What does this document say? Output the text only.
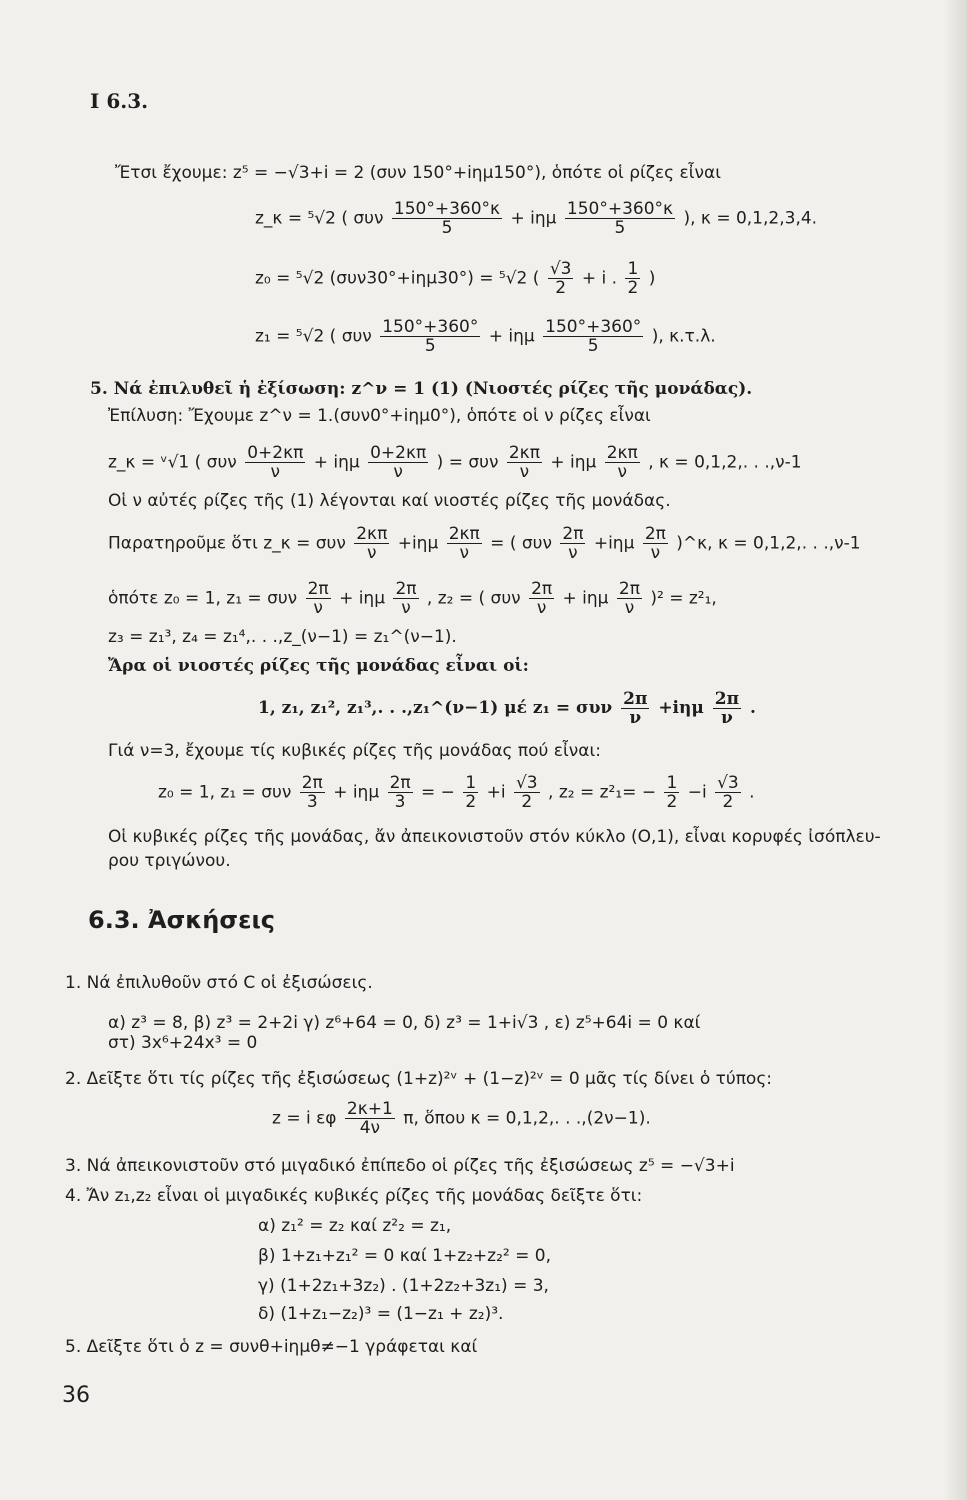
Ι 6.3.
Ἔτσι ἔχουμε: z⁵ = −√3+i = 2 (συν 150°+iημ150°), ὁπότε οἱ ρίζες εἶναι
z_κ = ⁵√2 ( συν $\frac{150^\circ+360^\circ\kappa}{5} + i\eta\mu \frac{150^\circ+360^\circ\kappa}{5}$ ), κ = 0,1,2,3,4.
z₀ = ⁵√2 (συν30°+iημ30°) = ⁵√2 ( $\frac{√3}{2} + i$ . $\frac{1}{2}$ )
z₁ = ⁵√2 ( συν $\frac{150^\circ+360^\circ}{5} + i\eta\mu \frac{150^\circ+360^\circ}{5}$ ), κ.τ.λ.
5. Νά ἐπιλυθεῖ ἡ ἐξίσωση: z^ν = 1 (1) (Νιοστές ρίζες τῆς μονάδας).
Ἐπίλυση: Ἔχουμε z^ν = 1.(συν0°+iημ0°), ὁπότε οἱ ν ρίζες εἶναι
z_κ = ᵛ√1 ( συν $\frac{0+2\kappa\pi}{\nu} + i\eta\mu \frac{0+2\kappa\pi}{\nu}$ ) = συν $\frac{2\kappa\pi}{\nu} + i\eta\mu \frac{2\kappa\pi}{\nu}$ , κ = 0,1,2,. . .,ν-1
Οἱ ν αὐτές ρίζες τῆς (1) λέγονται καί νιοστές ρίζες τῆς μονάδας.
Παρατηροῦμε ὅτι z_κ = συν $\frac{2\kappa\pi}{\nu} +i\eta\mu \frac{2\kappa\pi}{\nu}$ = ( συν $\frac{2\pi}{\nu} +i\eta\mu \frac{2\pi}{\nu}$ )^κ, κ = 0,1,2,. . .,ν-1
ὁπότε z₀ = 1, z₁ = συν $\frac{2\pi}{\nu} + i\eta\mu \frac{2\pi}{\nu}$ , z₂ = ( συν $\frac{2\pi}{\nu} + i\eta\mu \frac{2\pi}{\nu} )^2 = z^2_1$,
z₃ = z₁³, z₄ = z₁⁴,. . .,z_(ν−1) = z₁^(ν−1).
Ἄρα οἱ νιοστές ρίζες τῆς μονάδας εἶναι οἱ:
1, z₁, z₁², z₁³,. . .,z₁^(ν−1) μέ z₁ = συν $\frac{2\pi}{\nu} +i\eta\mu \frac{2\pi}{\nu}$ .
Γιά ν=3, ἔχουμε τίς κυβικές ρίζες τῆς μονάδας πού εἶναι:
z₀ = 1, z₁ = συν $\frac{2\pi}{3} + i\eta\mu \frac{2\pi}{3}$ = − $\frac{1}{2} +i \frac{√3}{2}$ , $z_2 = z^2_1= - \frac{1}{2} -i \frac{√3}{2}$ .
Οἱ κυβικές ρίζες τῆς μονάδας, ἄν ἀπεικονιστοῦν στόν κύκλο (Ο,1), εἶναι κορυφές ἰσόπλευ-
ρου τριγώνου.
6.3. Ἀσκήσεις
1. Νά ἐπιλυθοῦν στό C οἱ ἐξισώσεις.
α) z³ = 8, β) z³ = 2+2i γ) z⁶+64 = 0, δ) z³ = 1+i√3 , ε) z⁵+64i = 0 καί
στ) 3x⁶+24x³ = 0
2. Δεῖξτε ὅτι τίς ρίζες τῆς ἐξισώσεως (1+z)²ᵛ + (1−z)²ᵛ = 0 μᾶς τίς δίνει ὁ τύπος:
z = i εφ $\frac{2\kappa+1}{4\nu} \pi$, ὅπου κ = 0,1,2,. . .,(2ν−1).
3. Νά ἀπεικονιστοῦν στό μιγαδικό ἐπίπεδο οἱ ρίζες τῆς ἐξισώσεως z⁵ = −√3+i
4. Ἄν z₁,z₂ εἶναι οἱ μιγαδικές κυβικές ρίζες τῆς μονάδας δεῖξτε ὅτι:
α) z₁² = z₂ καί z²₂ = z₁,
β) 1+z₁+z₁² = 0 καί 1+z₂+z₂² = 0,
γ) (1+2z₁+3z₂) . (1+2z₂+3z₁) = 3,
δ) (1+z₁−z₂)³ = (1−z₁ + z₂)³.
5. Δεῖξτε ὅτι ὁ z = συνθ+iημθ≠−1 γράφεται καί
36
